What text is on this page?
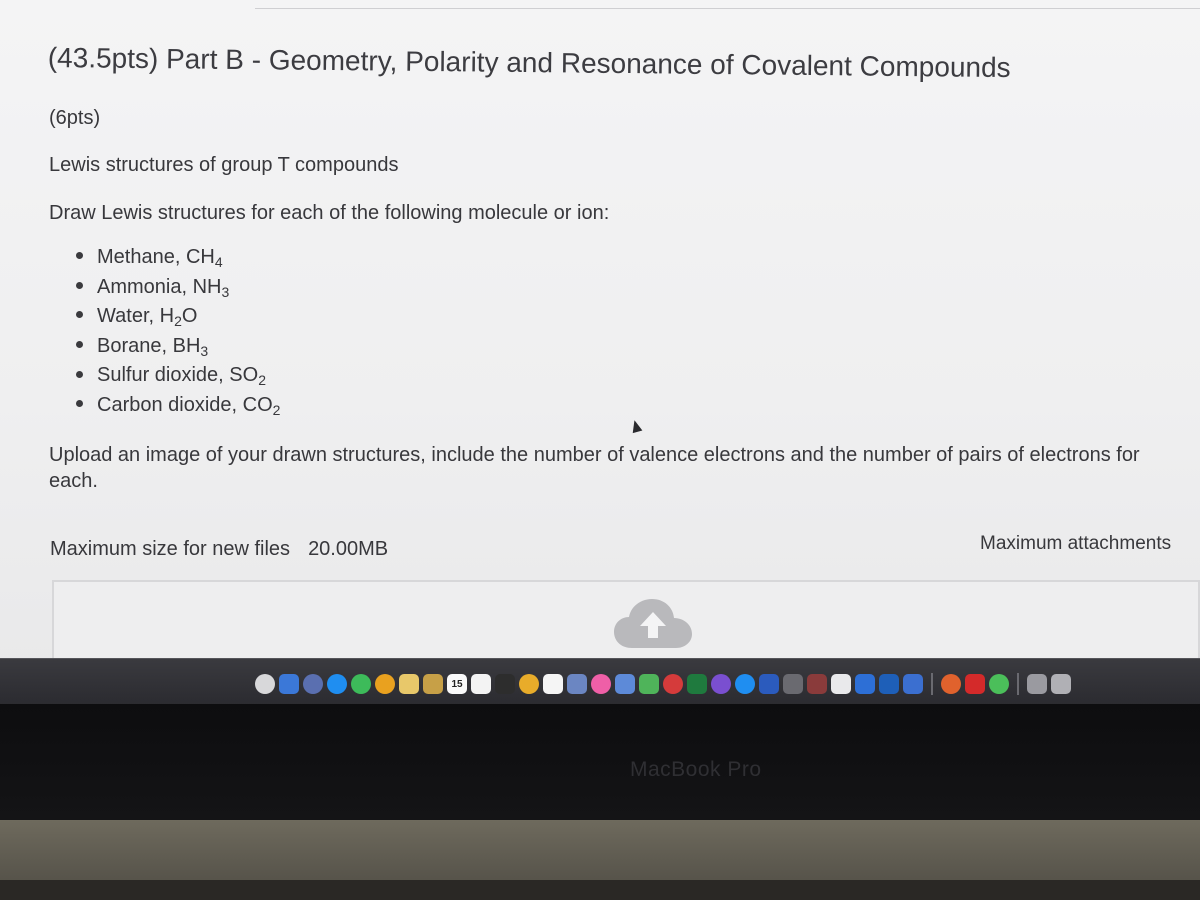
(43.5pts) Part B - Geometry, Polarity and Resonance of Covalent Compounds
(6pts)
Lewis structures of group T compounds
Draw Lewis structures for each of the following molecule or ion:
Methane, $CH_4$
Ammonia, $NH_3$
Water, $H_2O$
Borane, $BH_3$
Sulfur dioxide, $SO_2$
Carbon dioxide, $CO_2$
Upload an image of your drawn structures, include the number of valence electrons and the number of pairs of electrons for each.
Maximum size for new files 20.00MB	Maximum attachments
15
MacBook Pro
